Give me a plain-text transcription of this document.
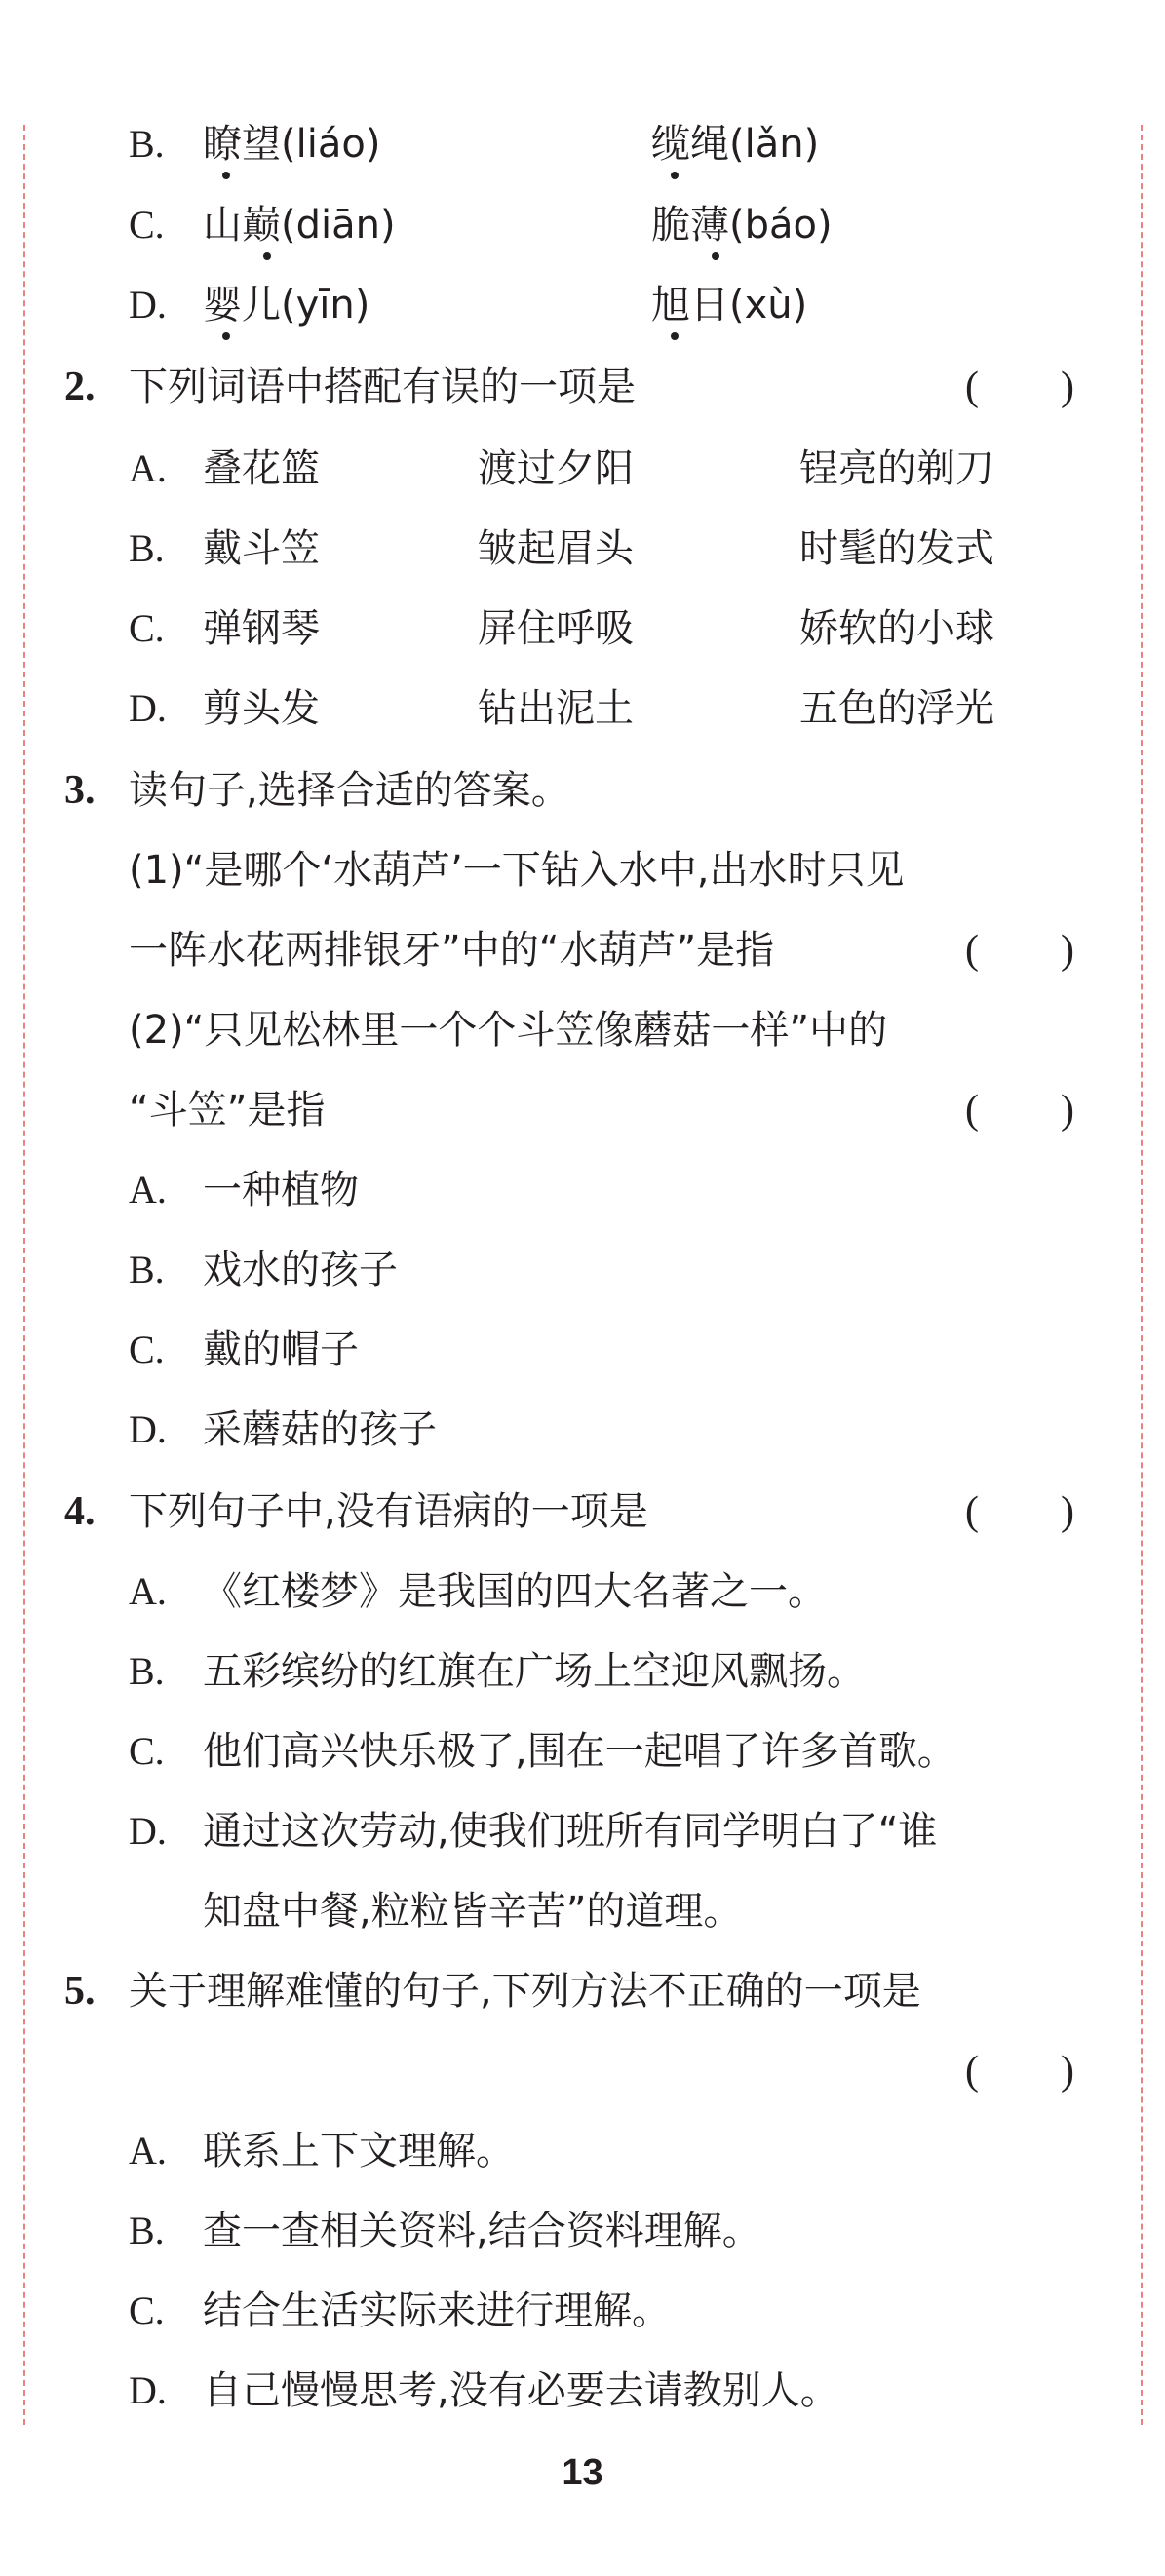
B. 瞭望(liáo)	缆绳(lǎn)
C. 山巅(diān)	脆薄(báo)
D. 婴儿(yīn)	旭日(xù)
2. 下列词语中搭配有误的一项是	(　　)
A. 叠花篮	渡过夕阳	锃亮的剃刀
B. 戴斗笠	皱起眉头	时髦的发式
C. 弹钢琴	屏住呼吸	娇软的小球
D. 剪头发	钻出泥土	五色的浮光
3. 读句子,选择合适的答案。
(1)“是哪个‘水葫芦’一下钻入水中,出水时只见
一阵水花两排银牙”中的“水葫芦”是指	(　　)
(2)“只见松林里一个个斗笠像蘑菇一样”中的
“斗笠”是指	(　　)
A. 一种植物
B. 戏水的孩子
C. 戴的帽子
D. 采蘑菇的孩子
4. 下列句子中,没有语病的一项是	(　　)
A. 《红楼梦》是我国的四大名著之一。
B. 五彩缤纷的红旗在广场上空迎风飘扬。
C. 他们高兴快乐极了,围在一起唱了许多首歌。
D. 通过这次劳动,使我们班所有同学明白了“谁
知盘中餐,粒粒皆辛苦”的道理。
5. 关于理解难懂的句子,下列方法不正确的一项是
(　　)
A. 联系上下文理解。
B. 查一查相关资料,结合资料理解。
C. 结合生活实际来进行理解。
D. 自己慢慢思考,没有必要去请教别人。
13
